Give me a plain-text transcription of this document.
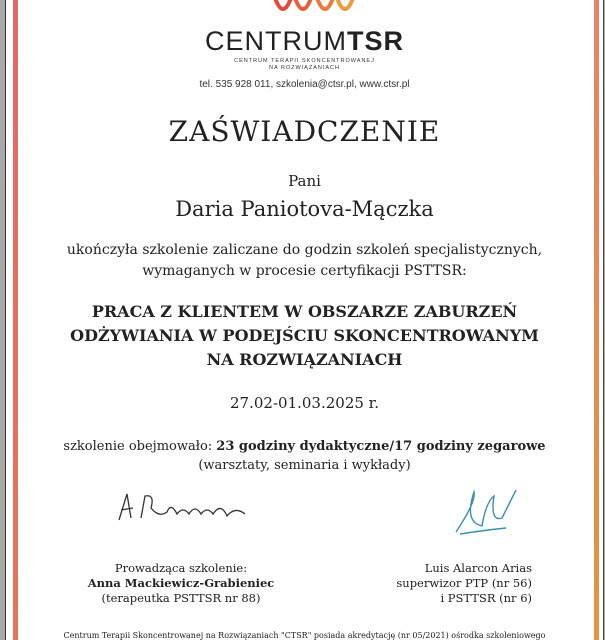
CENTRUMTSR
CENTRUM TERAPII SKONCENTROWANEJ
NA ROZWIĄZANIACH
tel. 535 928 011, szkolenia@ctsr.pl, www.ctsr.pl
ZAŚWIADCZENIE
Pani
Daria Paniotova-Mączka
ukończyła szkolenie zaliczane do godzin szkoleń specjalistycznych,
wymaganych w procesie certyfikacji PSTTSR:
PRACA Z KLIENTEM W OBSZARZE ZABURZEŃ
ODŻYWIANIA W PODEJŚCIU SKONCENTROWANYM
NA ROZWIĄZANIACH
27.02-01.03.2025 r.
szkolenie obejmowało: 23 godziny dydaktyczne/17 godziny zegarowe
(warsztaty, seminaria i wykłady)
Prowadząca szkolenie:
Anna Mackiewicz-Grabieniec
(terapeutka PSTTSR nr 88)
Luis Alarcon Arias
superwizor PTP (nr 56)
i PSTTSR (nr 6)
Centrum Terapii Skoncentrowanej na Rozwiązaniach "CTSR" posiada akredytację (nr 05/2021) ośrodka szkoleniowego
